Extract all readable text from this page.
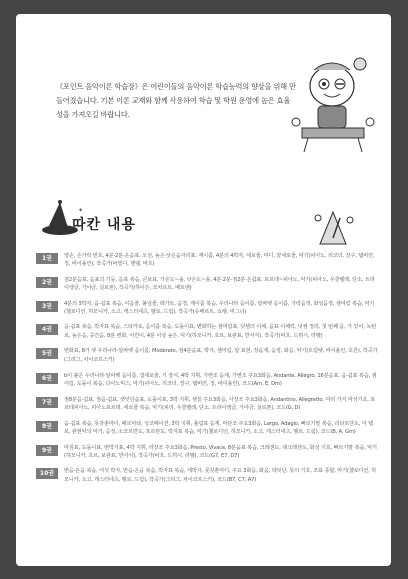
《포인트 음악이론 학습장》은 어린이들의 음악이론 학습능력의 향상을 위해 만들어졌습니다. 기본 이론 교재와 함께 사용하여 학습 및 학원 운영에 높은 효율성을 가져오길 바랍니다.
✦
따칸 내용
1권	양손, 손가락 번호, 4분·2분·온음표, 오선, 높은·낮은음자리표, 계이름, 4분의 4박자, 세로줄, 마디, 끝세로줄, 악기(피아노, 리코더, 장구, 탬버린, 징, 바이올린), 작곡가(바빌디, 헨델, 바흐)
2권	점2분음표, 음표의 기둥, 음표 복습, 큰보표, 가온도~솔, 낮은도~솔, 4분·2분·점2분·온쉼표, 포르테~피아노, 악기(피아노, 우쿨렐레, 단소, 트라이앵글, 가야금, 실로폰), 작곡가(하이든, 모차르트, 베토벤)
3권	4분의 3박자, 음·쉼표 복습, 이음줄, 붙임줄, 레가토, 음정, 계이름 복습, 우리나라 음이름, 알파벳 음이름, 가락음정, 화성음정, 셈여림 복습, 악기(첼로디언, 하모니카, 소고, 캐스터네츠, 벨로, 드럼), 작곡가(슈베르트, 쇼팽, 비그너)
4권	음·쉼표 복습, 박자표 복습, 스타카토, 음이름 복습, 도돌이표, 변화하는 셈여림표, 덧셈의 이해, 음표 이해력, 덧셈 정리, 첫 번째 음, 가 있어, 녹턴로, 높은음, 중간음, 8분 변화, 어린이, 4분 이상 높은, 악기(하모니카, 호르, 보관표, 반사식), 작곡가(바흐, 드뷔시, 라벨)
5권	변화표, 8가 셋 우리나라·알파벳 음이름, Moderato, 점4분음표, 박자, 셈여림, 알 표현, 장음계, 음정, 화음, 악기(트럼펫, 바이올린, 호른), 작곡가(그리그, 차이코프스키)
6권	b이 붙은 우리나라·알파벳 음이름, 겹세로줄, 기 장식, 4박 지휘, 가변조 음계, 가변조 주요3화음, Andante, Allegro, 16분음표, 음·쉼표 복습, 셈여림, 도돌이 복습, 다이노믹스, 악기(피아노, 리코더, 장구, 탬버린, 징, 바이올린), 코드(Am, E, Dm)
7권	점8분음·쉼표, 점음·쉼표, 셋잇단음표, 도돌이표, 3박 지휘, 셈꼴 주요3화음, 사장조 주요3화음, Andantino, Allegretto, 여러 가지 악상기호, 포르테피아노, 피아노포르테, 세로줄 복습, 악기(피리, 우쿨렐레, 단소, 트라이앵글, 가야금, 실로폰), 코드(G, D)
8권	음·쉼표 복습, 못갖춘마디, 페르마타, 싱코페이션, 3박 지휘, 올림표 음계, 마단조 주요3화음, Largo, Adagio, 빠르기말 복습, 리타르단도, 아 템포, 관현악의 악기, 음정, 소코르반도, 포르탄도, 박자표 복습, 악기(첼로디언, 하모니카, 소고, 캐스터네츠, 벨로, 드럼), 코드(B, A, Gm)
9권	마침표, 도돌이표, 변박기표, 4박 지휘, 라장조 주요3화음, Presto, Vivace, 8분음표 복습, 크레센도, 데크레센도, 화성 기호, 빠르기말 복습, 악기(하모니카, 호르, 보관표, 반사식), 작곡가(바흐, 드뷔시, 라벨), 코드(G7, E7, D7)
10권	변음·온음 복습, 여섯 박자, 반음·온음 복습, 박자표 복습, 세박자, 못갖춘마디, 주요 3화음, 화음, 데잇단, 뜻의 기호, 조표 종합, 악기(첼로디언, 하모니카, 소고, 캐스터네츠, 벨로, 드럼), 작곡가(그리그, 차이코프스키), 코드(B7, C7, A7)
